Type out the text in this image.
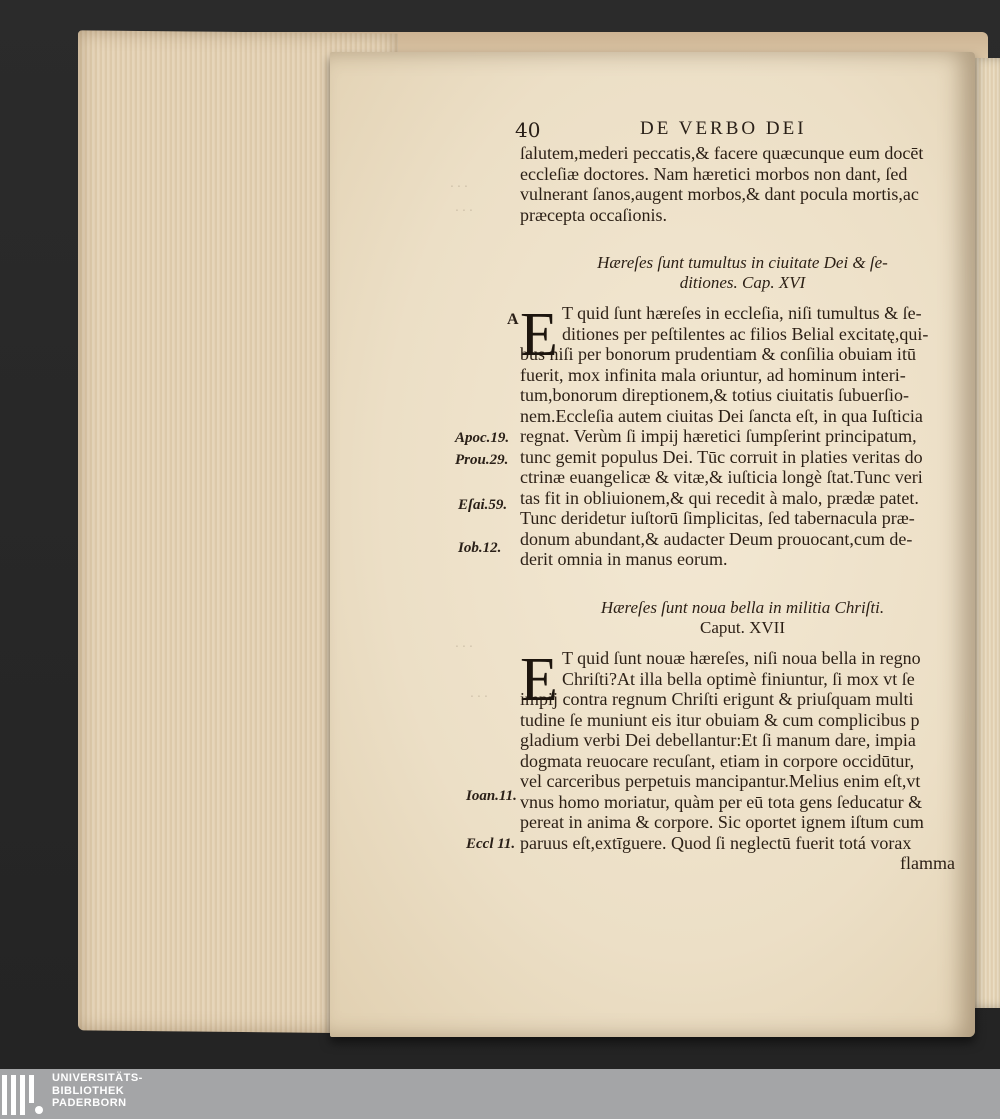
· · ·
· · ·
· · ·
· · ·
40	DE VERBO DEI
ſalutem,mederi peccatis,& facere quæcunque eum docēt
eccleſiæ doctores. Nam hæretici morbos non dant, ſed
vulnerant ſanos,augent morbos,& dant pocula mortis,ac
præcepta occaſionis.
Hæreſes ſunt tumultus in ciuitate Dei & ſe-
ditiones. Cap. XVI
E T quid ſunt hæreſes in eccleſia, niſi tumultus & ſe-
ditiones per peſtilentes ac filios Belial excitatę,qui-
bus niſi per bonorum prudentiam & conſilia obuiam itū
fuerit, mox infinita mala oriuntur, ad hominum interi-
tum,bonorum direptionem,& totius ciuitatis ſubuerſio-
nem.Eccleſia autem ciuitas Dei ſancta eſt, in qua Iuſticia
regnat. Verùm ſi impij hæretici ſumpſerint principatum,
tunc gemit populus Dei. Tūc corruit in platies veritas do
ctrinæ euangelicæ & vitæ,& iuſticia longè ſtat.Tunc veri
tas fit in obliuionem,& qui recedit à malo, prædæ patet.
Tunc deridetur iuſtorū ſimplicitas, ſed tabernacula præ-
donum abundant,& audacter Deum prouocant,cum de-
derit omnia in manus eorum.
Hæreſes ſunt noua bella in militia Chriſti.
Caput. XVII
E T quid ſunt nouæ hæreſes, niſi noua bella in regno
Chriſti?At illa bella optimè finiuntur, ſi mox vt ſe
impij contra regnum Chriſti erigunt & priuſquam multi
tudine ſe muniunt eis itur obuiam & cum complicibus p
gladium verbi Dei debellantur:Et ſi manum dare, impia
dogmata reuocare recuſant, etiam in corpore occidūtur,
vel carceribus perpetuis mancipantur.Melius enim eſt,vt
vnus homo moriatur, quàm per eū tota gens ſeducatur &
pereat in anima & corpore. Sic oportet ignem iſtum cum
paruus eſt,extīguere. Quod ſi neglectū fuerit totá vorax
flamma
A
Apoc.19.
Prou.29.
Eſai.59.
Iob.12.
Ioan.11.
Eccl 11.
UNIVERSITÄTS-
BIBLIOTHEK
PADERBORN
